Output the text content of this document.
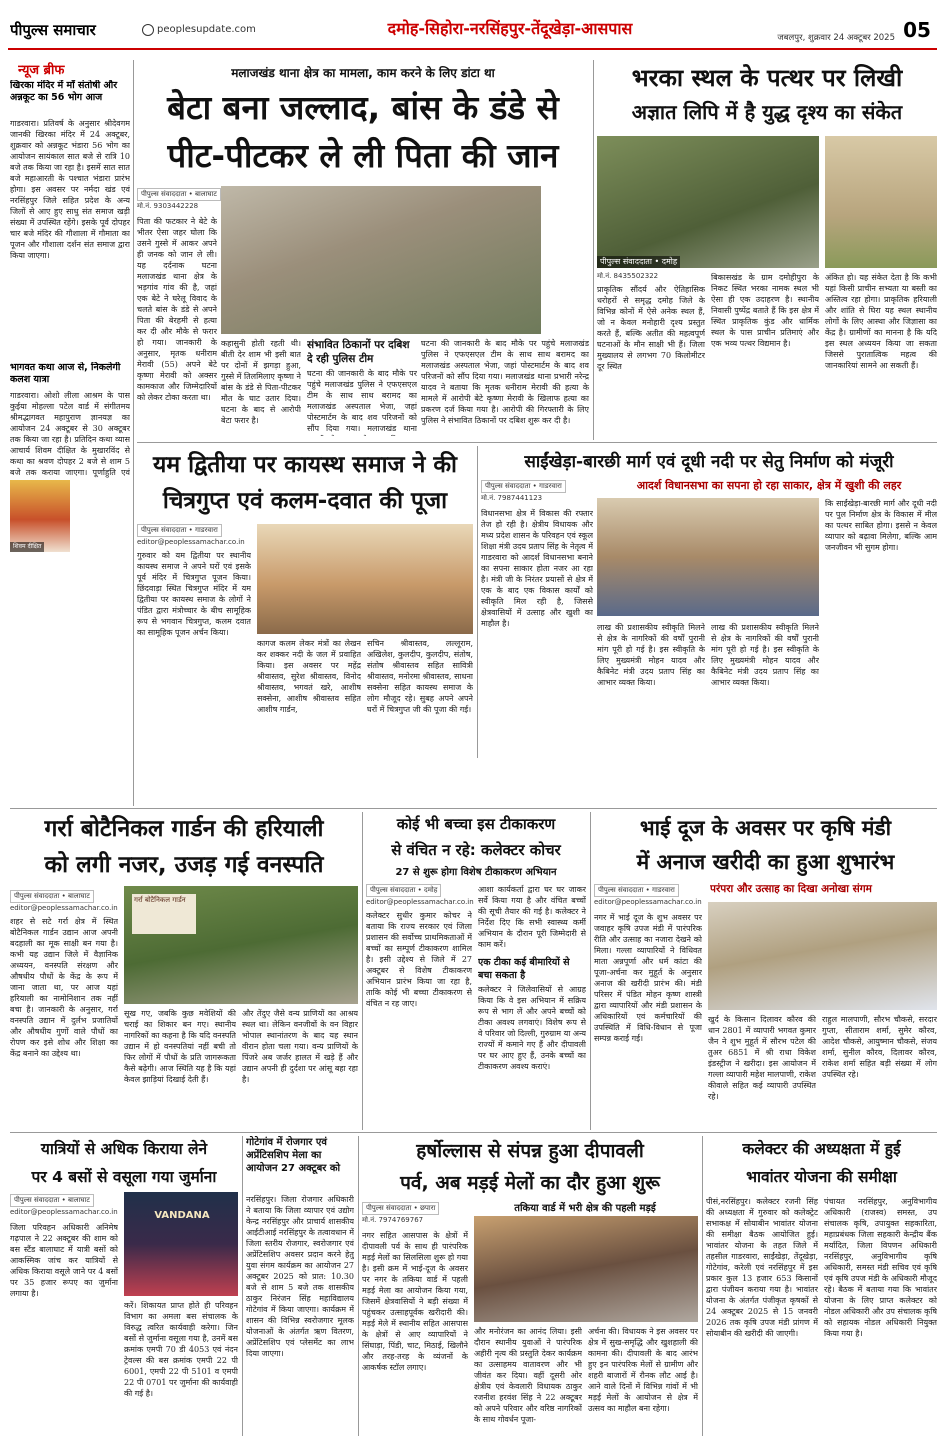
पीपुल्स समाचार	peoplesupdate.com	दमोह-सिहोरा-नरसिंहपुर-तेंदूखेड़ा-आसपास	जबलपुर, शुक्रवार 24 अक्टूबर 2025 05
न्यूज ब्रीफ
खिरका मंदिर में माँ संतोषी और अन्नकूट का 56 भोग आज
गाडरवारा। प्रतिवर्ष के अनुसार श्रीदेवगम जानकी खिरका मंदिर में 24 अक्टूबर, शुक्रवार को अन्नकूट भंडारा 56 भोग का आयोजन सायंकाल सात बजे से रात्रि 10 बजे तक किया जा रहा है। इसमें सात सात बजे महाआरती के पश्चात भंडारा प्रारंभ होगा। इस अवसर पर नर्मदा खंड एवं नरसिंहपुर जिले सहित प्रदेश के अन्य जिलों से आए हुए साधु संत समाज खड़ी संख्या में उपस्थित रहेंगे। इसके पूर्व दोपहर चार बजे मंदिर की गौशाला में गौमाता का पूजन और गौशाला दर्शन संत समाज द्वारा किया जाएगा।
भागवत कथा आज से, निकलेगी कलश यात्रा
गाडरवारा। ओशो लीला आश्रम के पास कुईया मोहल्ला पटेल वार्ड में संगीतमय श्रीमद्भागवत महापुराण ज्ञानयज्ञ का आयोजन 24 अक्टूबर से 30 अक्टूबर तक किया जा रहा है। प्रतिदिन कथा व्यास आचार्य शिवम दीक्षित के मुखारविंद से कथा का श्रवण दोपहर 2 बजे से शाम 5 बजे तक कराया जाएगा। पूर्णाहुति एवं
शिवम दीक्षित
मलाजखंड थाना क्षेत्र का मामला, काम करने के लिए डांटा था
बेटा बना जल्लाद, बांस के डंडे से
पीट-पीटकर ले ली पिता की जान
पीपुल्स संवाददाता • बालाघाट
मो.नं. 9303442228
पिता की फटकार ने बेटे के भीतर ऐसा जहर घोला कि उसने गुस्से में आकर अपने ही जनक को जान ले ली। यह दर्दनाक घटना मलाजखंड थाना क्षेत्र के भड़गांव गांव की है, जहां एक बेटे ने घरेलू विवाद के चलते बांस के डंडे से अपने पिता की बेरहमी से हत्या कर दी और मौके से फरार हो गया। जानकारी के अनुसार, मृतक धनीराम मेरावी (55) अपने बेटे कृष्णा मेरावी को अक्सर कामकाज और जिम्मेदारियों को लेकर टोका करता था।
कहासुनी होती रहती थी। बीती देर शाम भी इसी बात पर दोनों में झगड़ा हुआ, गुस्से में तिलमिलाए कृष्णा ने बांस के डंडे से पिता-पीटकर मौत के घाट उतार दिया। घटना के बाद से आरोपी बेटा फरार है।
संभावित ठिकानों पर दबिश दे रही पुलिस टीम
घटना की जानकारी के बाद मौके पर पहुंचे मलाजखंड पुलिस ने एफएसएल टीम के साथ साथ बरामद का मलाजखंड अस्पताल भेजा, जहां पोस्टमार्टम के बाद शव परिजनों को सौंप दिया गया। मलाजखंड थाना
घटना की जानकारी के बाद मौके पर पहुंचे मलाजखंड पुलिस ने एफएसएल टीम के साथ साथ बरामद का मलाजखंड अस्पताल भेजा, जहां पोस्टमार्टम के बाद शव परिजनों को सौंप दिया गया। मलाजखंड थाना प्रभारी नरेन्द्र यादव ने बताया कि मृतक धनीराम मेरावी की हत्या के मामले में आरोपी बेटे कृष्णा मेरावी के खिलाफ हत्या का प्रकरण दर्ज किया गया है। आरोपी की गिरफ्तारी के लिए पुलिस ने संभावित ठिकानों पर दबिश शुरू कर दी है।
भरका स्थल के पत्थर पर लिखी
अज्ञात लिपि में है युद्ध दृश्य का संकेत
पीपुल्स संवाददाता • दमोह
मो.नं. 8435502322
प्राकृतिक सौंदर्य और ऐतिहासिक धरोहरों से समृद्ध दमोह जिले के विभिन्न कोनों में ऐसे अनेक स्थल हैं, जो न केवल मनोहारी दृश्य प्रस्तुत करते हैं, बल्कि अतीत की महत्वपूर्ण घटनाओं के मौन साक्षी भी हैं। जिला मुख्यालय से लगभग 70 किलोमीटर दूर स्थित
बिकासखंड के ग्राम दमोहीपुरा के निकट स्थित भरका नामक स्थल भी ऐसा ही एक उदाहरण है। स्थानीय निवासी पुष्पेंद्र बताते हैं कि इस क्षेत्र में स्थित प्राकृतिक कुंड और धार्मिक स्थल के पास प्राचीन प्रतिमाएं और एक भव्य पत्थर विद्यमान है।
अंकित हो। यह संकेत देता है कि कभी यहां किसी प्राचीन सभ्यता या बस्ती का अस्तित्व रहा होगा। प्राकृतिक हरियाली और शांति से घिरा यह स्थल स्थानीय लोगों के लिए आस्था और जिज्ञासा का केंद्र है। ग्रामीणों का मानना है कि यदि इस स्थल अध्ययन किया जा सकता जिससे पुरातात्विक महत्व की जानकारियां सामने आ सकती हैं।
यम द्वितीया पर कायस्थ समाज ने की
चित्रगुप्त एवं कलम-दवात की पूजा
पीपुल्स संवाददाता • गाडरवारा
editor@peoplessamachar.co.in
गुरुवार को यम द्वितीया पर स्थानीय कायस्थ समाज ने अपने घरों एवं इसके पूर्व मंदिर में चित्रगुप्त पूजन किया। छिंदवाड़ा स्थित चित्रगुप्त मंदिर में यम द्वितीया पर कायस्थ समाज के लोगों ने पंडित द्वारा मंत्रोच्चार के बीच सामूहिक रूप से भगवान चित्रगुप्त, कलम दवात का सामूहिक पूजन अर्चन किया।
कागज कलम लेकर मंत्रों का लेखन कर शक्कर नदी के जल में प्रवाहित किया। इस अवसर पर महेंद्र श्रीवास्तव, सुरेश श्रीवास्तव, विनोद श्रीवास्तव, भगवतं खरे, आशीष सक्सेना, आशीष श्रीवास्तव सहित आशीष गार्डन,
सचिन श्रीवास्तव, लल्लूराम, अखिलेश, कुलदीप, कुलदीप, संतोष, संतोष श्रीवास्तव सहित सावित्री श्रीवास्तव, मनोरमा श्रीवास्तव, साधना सक्सेना सहित कायस्थ समाज के लोग मौजूद रहे। सुबह अपने अपने घरों में चित्रगुप्त जी की पूजा की गई।
साईंखेड़ा-बारछी मार्ग एवं दूधी नदी पर सेतु निर्माण को मंजूरी
आदर्श विधानसभा का सपना हो रहा साकार, क्षेत्र में खुशी की लहर
पीपुल्स संवाददाता • गाडरवारा
मो.नं. 7987441123
विधानसभा क्षेत्र में विकास की रफ्तार तेज हो रही है। क्षेत्रीय विधायक और मध्य प्रदेश शासन के परिवहन एवं स्कूल शिक्षा मंत्री उदय प्रताप सिंह के नेतृत्व में गाडरवारा को आदर्श विधानसभा बनाने का सपना साकार होता नजर आ रहा है। मंत्री जी के निरंतर प्रयासों से क्षेत्र में एक के बाद एक विकास कार्यों को स्वीकृति मिल रही है, जिससे क्षेत्रवासियों में उत्साह और खुशी का माहौल है।	लाख की प्रशासकीय स्वीकृति मिलने से क्षेत्र के नागरिकों की वर्षों पुरानी मांग पूरी हो गई है। इस स्वीकृति के लिए मुख्यमंत्री मोहन यादव और कैबिनेट मंत्री उदय प्रताप सिंह का आभार व्यक्त किया।
लाख की प्रशासकीय स्वीकृति मिलने से क्षेत्र के नागरिकों की वर्षों पुरानी मांग पूरी हो गई है। इस स्वीकृति के लिए मुख्यमंत्री मोहन यादव और कैबिनेट मंत्री उदय प्रताप सिंह का आभार व्यक्त किया।
कि साईंखेड़ा-बारछी मार्ग और दूधी नदी पर पुल निर्माण क्षेत्र के विकास में मील का पत्थर साबित होगा। इससे न केवल व्यापार को बढ़ावा मिलेगा, बल्कि आम जनजीवन भी सुगम होगा।
गर्रा बोटैनिकल गार्डन की हरियाली
को लगी नजर, उजड़ गई वनस्पति
पीपुल्स संवाददाता • बालाघाट
editor@peoplessamachar.co.in
गर्रा बोटैनिकल गार्डन
शहर से सटे गर्रा क्षेत्र में स्थित बोटैनिकल गार्डन उद्यान आज अपनी बदहाली का मूक साक्षी बन गया है। कभी यह उद्यान जिले में वैज्ञानिक अध्ययन, वनस्पति संरक्षण और औषधीय पौधों के केंद्र के रूप में जाना जाता था, पर आज यहां हरियाली का नामोनिशान तक नहीं बचा है। जानकारी के अनुसार, गर्रा वनस्पति उद्यान में दुर्लभ प्रजातियों और औषधीय गुणों वाले पौधों का रोपण कर इसे शोध और शिक्षा का केंद्र बनाने का उद्देश्य था।
सूख गए, जबकि कुछ मवेशियों की चराई का शिकार बन गए। स्थानीय नागरिकों का कहना है कि यदि वनस्पति उद्यान में हो वनस्पतियां नहीं बची तो फिर लोगों में पौधों के प्रति जागरूकता कैसे बढ़ेगी। आज स्थिति यह है कि यहां केवल झाड़ियां दिखाई देती हैं।
और तेंदुए जैसे वन्य प्राणियों का आश्रय स्थल था। लेकिन वनजीवों के वन विहार भोपाल स्थानांतरण के बाद यह स्थान वीरान होता चला गया। वन्य प्राणियों के पिंजरे अब जर्जर हालत में खड़े हैं और उद्यान अपनी ही दुर्दशा पर आंसू बहा रहा है।
कोई भी बच्चा इस टीकाकरण
से वंचित न रहे: कलेक्टर कोचर
27 से शुरू होगा विशेष टीकाकरण अभियान
पीपुल्स संवाददाता • दमोह
editor@peoplessamachar.co.in
कलेक्टर सुधीर कुमार कोचर ने बताया कि राज्य सरकार एवं जिला प्रशासन की सर्वोच्च प्राथमिकताओं में बच्चों का सम्पूर्ण टीकाकरण शामिल है। इसी उद्देश्य से जिले में 27 अक्टूबर से विशेष टीकाकरण अभियान प्रारंभ किया जा रहा है, ताकि कोई भी बच्चा टीकाकरण से वंचित न रह जाए।
आशा कार्यकर्ता द्वारा घर घर जाकर सर्वे किया गया है और वंचित बच्चों की सूची तैयार की गई है। कलेक्टर ने निर्देश दिए कि सभी स्वास्थ्य कर्मी अभियान के दौरान पूरी जिम्मेदारी से काम करें।
एक टीका कई बीमारियों से बचा सकता है
कलेक्टर ने जिलेवासियों से आग्रह किया कि वे इस अभियान में सक्रिय रूप से भाग लें और अपने बच्चों को टीका अवश्य लगवाएं। विशेष रूप से वे परिवार जो दिल्ली, गुरुग्राम या अन्य राज्यों में कमाने गए हैं और दीपावली पर घर आए हुए हैं, उनके बच्चों का टीकाकरण अवश्य कराएं।
भाई दूज के अवसर पर कृषि मंडी
में अनाज खरीदी का हुआ शुभारंभ
पीपुल्स संवाददाता • गाडरवारा
editor@peoplessamachar.co.in
परंपरा और उत्साह का दिखा अनोखा संगम
नगर में भाई दूज के शुभ अवसर पर जवाहर कृषि उपज मंडी में पारंपरिक रीति और उत्साह का नजारा देखने को मिला। गल्ला व्यापारियों ने विधिवत माता अन्नपूर्णा और धर्म कांटा की पूजा-अर्चना कर मुहूर्त के अनुसार अनाज की खरीदी प्रारंभ की। मंडी परिसर में पंडित मोहन कृष्ण शास्त्री द्वारा व्यापारियों और मंडी प्रशासन के अधिकारियों एवं कर्मचारियों की उपस्थिति में विधि-विधान से पूजा सम्पन्न कराई गई।
खुर्द के किसान दिलावर कौरव की धान 2801 में व्यापारी भगवत कुमार जैन ने शुभ मुहूर्त में सौरभ पटेल की तुअर 6851 में श्री राधा विकेश इंडस्ट्रीज ने खरीदा। इस आयोजन में गल्ला व्यापारी महेश मालपाणी, राकेश कीवाले सहित कई व्यापारी उपस्थित रहे।
राहुल मालपाणी, सौरभ चौकसे, सरदार गुप्ता, सीताराम शर्मा, सुमेर कौरव, आदेश चौकसे, आयुष्मान चौकसे, संजय शर्मा, सुनील कौरव, दिलावर कौरव, राकेश शर्मा सहित बड़ी संख्या में लोग उपस्थित रहे।
यात्रियों से अधिक किराया लेने
पर 4 बसों से वसूला गया जुर्माना
पीपुल्स संवाददाता • बालाघाट
editor@peoplessamachar.co.in	VANDANA
जिला परिवहन अधिकारी अनिमेष गढ़पाल ने 22 अक्टूबर की शाम को बस स्टैंड बालाघाट में यात्री बसों को आकस्मिक जांच कर यात्रियों से अधिक किराया वसूले जाने पर 4 बसों पर 35 हजार रूपए का जुर्माना लगाया है।
करें। शिकायत प्राप्त होते ही परिवहन विभाग का अमला बस संचालक के विरुद्ध त्वरित कार्यवाही करेगा। जिन बसों से जुर्माना वसूला गया है, उनमें बस क्रमांक एमपी 70 डी 4053 एवं नंदन ट्रेवल्स की बस क्रमांक एमपी 22 पी 6001, एमपी 22 पी 5101 व एमपी 22 पी 0701 पर जुर्माना की कार्यवाही की गई है।
गोटेगांव में रोजगार एवं अप्रेंटिसशिप मेला का आयोजन 27 अक्टूबर को
नरसिंहपुर। जिला रोजगार अधिकारी ने बताया कि जिला व्यापार एवं उद्योग केन्द्र नरसिंहपुर और प्राचार्य शासकीय आईटीआई नरसिंहपुर के तत्वावधान में जिला स्तरीय रोजगार, स्वरोजगार एवं अप्रेंटिसशिप अवसर प्रदान करने हेतु युवा संगम कार्यक्रम का आयोजन 27 अक्टूबर 2025 को प्रात: 10.30 बजे से शाम 5 बजे तक शासकीय ठाकुर निरंजन सिंह महाविद्यालय गोटेगांव में किया जाएगा। कार्यक्रम में शासन की विभिन्न स्वरोजगार मूलक योजनाओं के अंतर्गत ऋण वितरण, अप्रेंटिसशिप एवं प्लेसमेंट का लाभ दिया जाएगा।
हर्षोल्लास से संपन्न हुआ दीपावली
पर्व, अब मड़ई मेलों का दौर हुआ शुरू
तकिया वार्ड में भरी क्षेत्र की पहली मड़ई
पीपुल्स संवाददाता • छपारा
मो.नं. 7974769767
नगर सहित आसपास के क्षेत्रों में दीपावली पर्व के साथ ही पारंपरिक मड़ई मेलों का सिलसिला शुरू हो गया है। इसी क्रम में भाई-दूज के अवसर पर नगर के तकिया वार्ड में पहली मड़ई मेला का आयोजन किया गया, जिसमें क्षेत्रवासियों ने बड़ी संख्या में पहुंचकर उत्साहपूर्वक खरीदारी की। मड़ई मेले में स्थानीय सहित आसपास के क्षेत्रों से आए व्यापारियों ने सिंघाड़ा, पिंडी, चाट, मिठाई, खिलौने और तरह-तरह के व्यंजनों के आकर्षक स्टॉल लगाए।
और मनोरंजन का आनंद लिया। इसी दौरान स्थानीय युवाओं ने पारंपरिक अहीरी नृत्य की प्रस्तुति देकर कार्यक्रम का उत्साहमय वातावरण और भी जीवंत कर दिया। वहीं दूसरी ओर क्षेत्रीय एवं केवलारी विधायक ठाकुर रजनीश हरवंश सिंह ने 22 अक्टूबर को अपने परिवार और वरिष्ठ नागरिकों के साथ गोवर्धन पूजा-
अर्चना की। विधायक ने इस अवसर पर क्षेत्र में सुख-समृद्धि और खुशहाली की कामना की। दीपावली के बाद आरंभ हुए इन पारंपरिक मेलों से ग्रामीण और शहरी बाजारों में रौनक लौट आई है। आने वाले दिनों में विभिन्न गांवों में भी मड़ई मेलों के आयोजन से क्षेत्र में उत्सव का माहौल बना रहेगा।
कलेक्टर की अध्यक्षता में हुई
भावांतर योजना की समीक्षा
पीसं,नरसिंहपुर। कलेक्टर रजनी सिंह की अध्यक्षता में गुरुवार को कलेक्ट्रेट सभाकक्ष में सोयाबीन भावांतर योजना की समीक्षा बैठक आयोजित हुई। भावांतर योजना के तहत जिले में तहसील गाडरवारा, साईंखेड़ा, तेंदूखेड़ा, गोटेगांव, करेली एवं नरसिंहपुर में इस प्रकार कुल 13 हजार 653 किसानों द्वारा पंजीयन कराया गया है। भावांतर योजना के अंतर्गत पंजीकृत कृषकों से 24 अक्टूबर 2025 से 15 जनवरी 2026 तक कृषि उपज मंडी प्रांगण में सोयाबीन की खरीदी की जाएगी।
पंचायत नरसिंहपुर, अनुविभागीय अधिकारी (राजस्व) समस्त, उप संचालक कृषि, उपायुक्त सहकारिता, महाप्रबंधक जिला सहकारी केन्द्रीय बैंक मर्यादित, जिला विपणन अधिकारी नरसिंहपुर, अनुविभागीय कृषि अधिकारी, समस्त मंडी सचिव एवं कृषि एवं कृषि उपज मंडी के अधिकारी मौजूद रहे। बैठक में बताया गया कि भावांतर योजना के लिए प्राप्त कलेक्टर को नोडल अधिकारी और उप संचालक कृषि को सहायक नोडल अधिकारी नियुक्त किया गया है।
